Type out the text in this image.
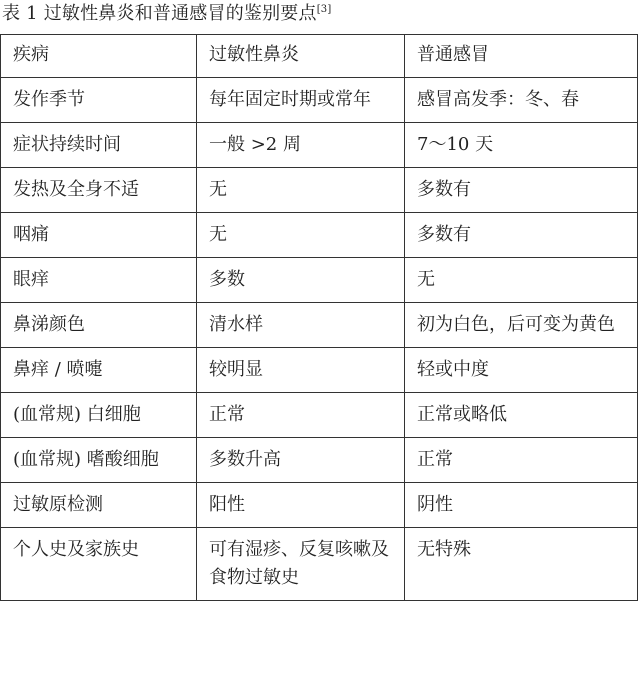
表 1 过敏性鼻炎和普通感冒的鉴别要点[3]
疾病	过敏性鼻炎	普通感冒
发作季节	每年固定时期或常年	感冒高发季：冬、春
症状持续时间	一般 >2 周	7～10 天
发热及全身不适	无	多数有
咽痛	无	多数有
眼痒	多数	无
鼻涕颜色	清水样	初为白色，后可变为黄色
鼻痒 / 喷嚏	较明显	轻或中度
(血常规) 白细胞	正常	正常或略低
(血常规) 嗜酸细胞	多数升高	正常
过敏原检测	阳性	阴性
个人史及家族史	可有湿疹、反复咳嗽及食物过敏史	无特殊
